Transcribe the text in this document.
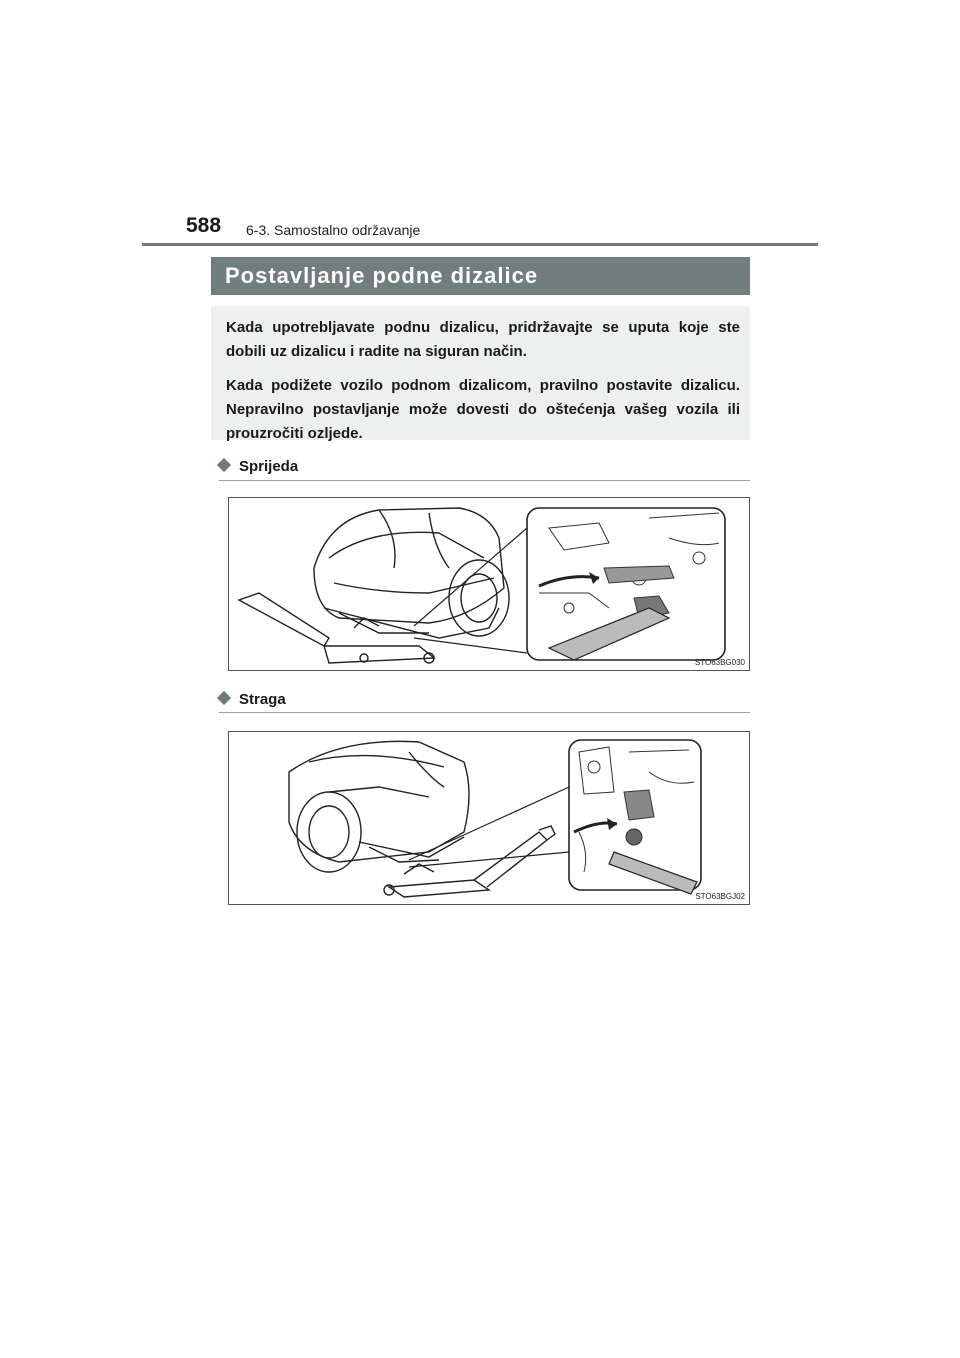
588 6-3. Samostalno održavanje
Postavljanje podne dizalice

Kada upotrebljavate podnu dizalicu, pridržavajte se uputa koje ste dobili uz dizalicu i radite na siguran način.

Kada podižete vozilo podnom dizalicom, pravilno postavite dizalicu. Nepravilno postavljanje može dovesti do oštećenja vašeg vozila ili prouzročiti ozljede.

Sprijeda
STO63BG030
Straga
STO63BGJ02
